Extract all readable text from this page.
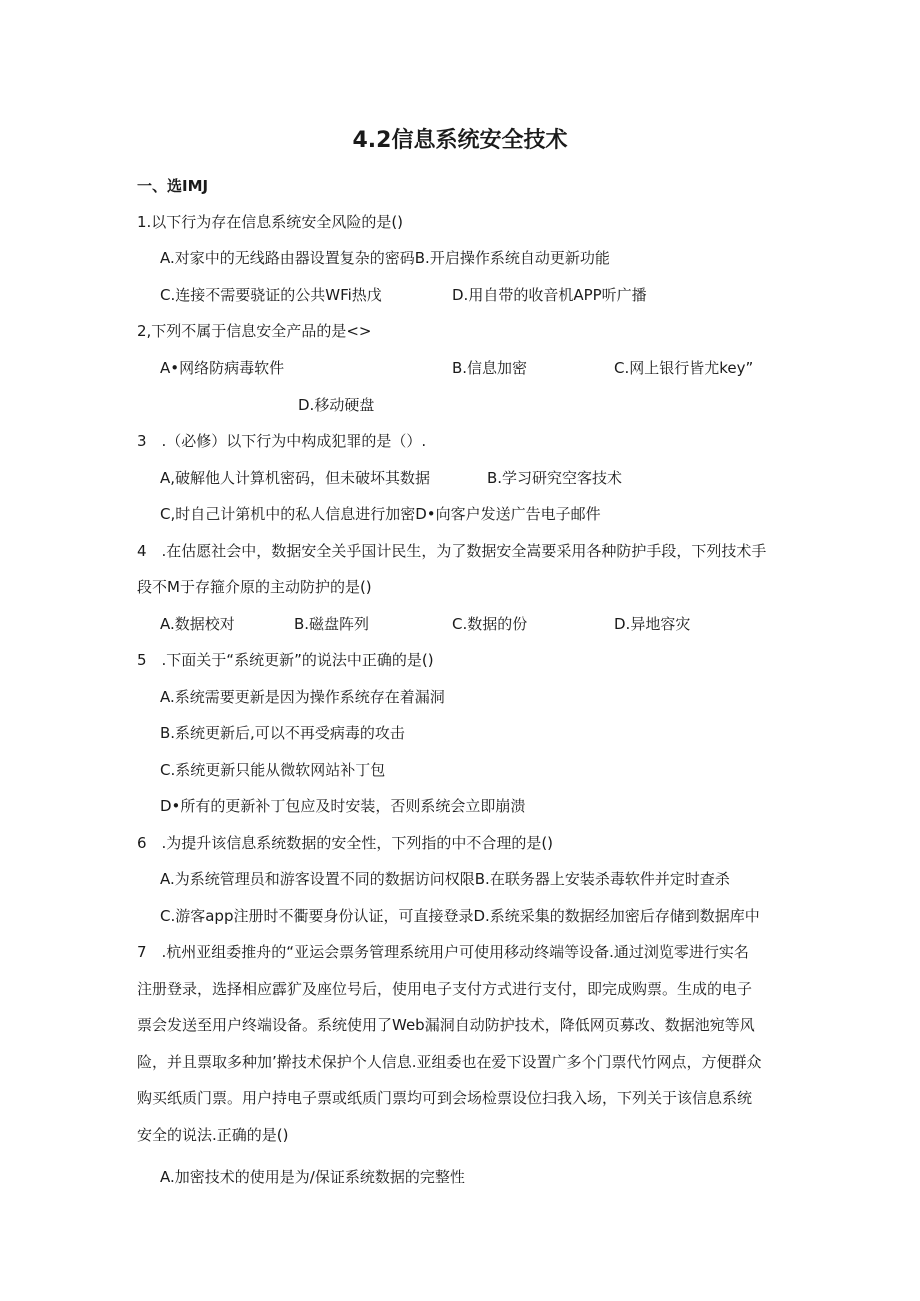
4.2信息系统安全技术
一、选IMJ
1.以下行为存在信息系统安全风险的是()
A.对家中的无线路由器设置复杂的密码B.开启操作系统自动更新功能
C.连接不需要骁证的公共WFi热戊	D.用自带的收音机APP听广播
2,下列不属于信息安全产品的是<>
A•网络防病毒软件	B.信息加密	C.网上银行皆尤key”
D.移动硬盘
3　.（必修）以下行为中构成犯罪的是（）.
A,破解他人计算机密码，但未破坏其数据	B.学习研究空客技术
C,时自己计第机中的私人信息进行加密D•向客户发送广告电子邮件
4　.在估愿社会中，数据安全关乎国计民生，为了数据安全嵩要采用各种防护手段，下列技术手
段不M于存箍介原的主动防护的是()
A.数据校对	B.磁盘阵列	C.数据的份	D.异地容灾
5　.下面关于“系统更新”的说法中正确的是()
A.系统需要更新是因为操作系统存在着漏洞
B.系统更新后,可以不再受病毒的攻击
C.系统更新只能从微软网站补丁包
D•所有的更新补丁包应及时安装，否则系统会立即崩溃
6　.为提升该信息系统数据的安全性，下列指的中不合理的是()
A.为系统管理员和游客设置不同的数据访问权限B.在联务器上安装杀毒软件并定时查杀
C.游客app注册时不衢要身份认证，可直接登录D.系统采集的数据经加密后存储到数据库中
7　.杭州亚组委推舟的“亚运会票务管理系统用户可使用移动终端等设备.通过浏览零进行实名
注册登录，选择相应霹犷及座位号后，使用电子支付方式进行支付，即完成购票。生成的电子
票会发送至用户终端设备。系统使用了Web漏洞自动防护技术，降低网页募改、数据池宛等风
险，并且票取多种加’擀技术保护个人信息.亚组委也在爱下设置广多个门票代竹网点，方便群众
购买纸质门票。用户持电子票或纸质门票均可到会场检票设位扫我入场，下列关于该信息系统
安全的说法.正确的是()
A.加密技术的使用是为/保证系统数据的完整性
